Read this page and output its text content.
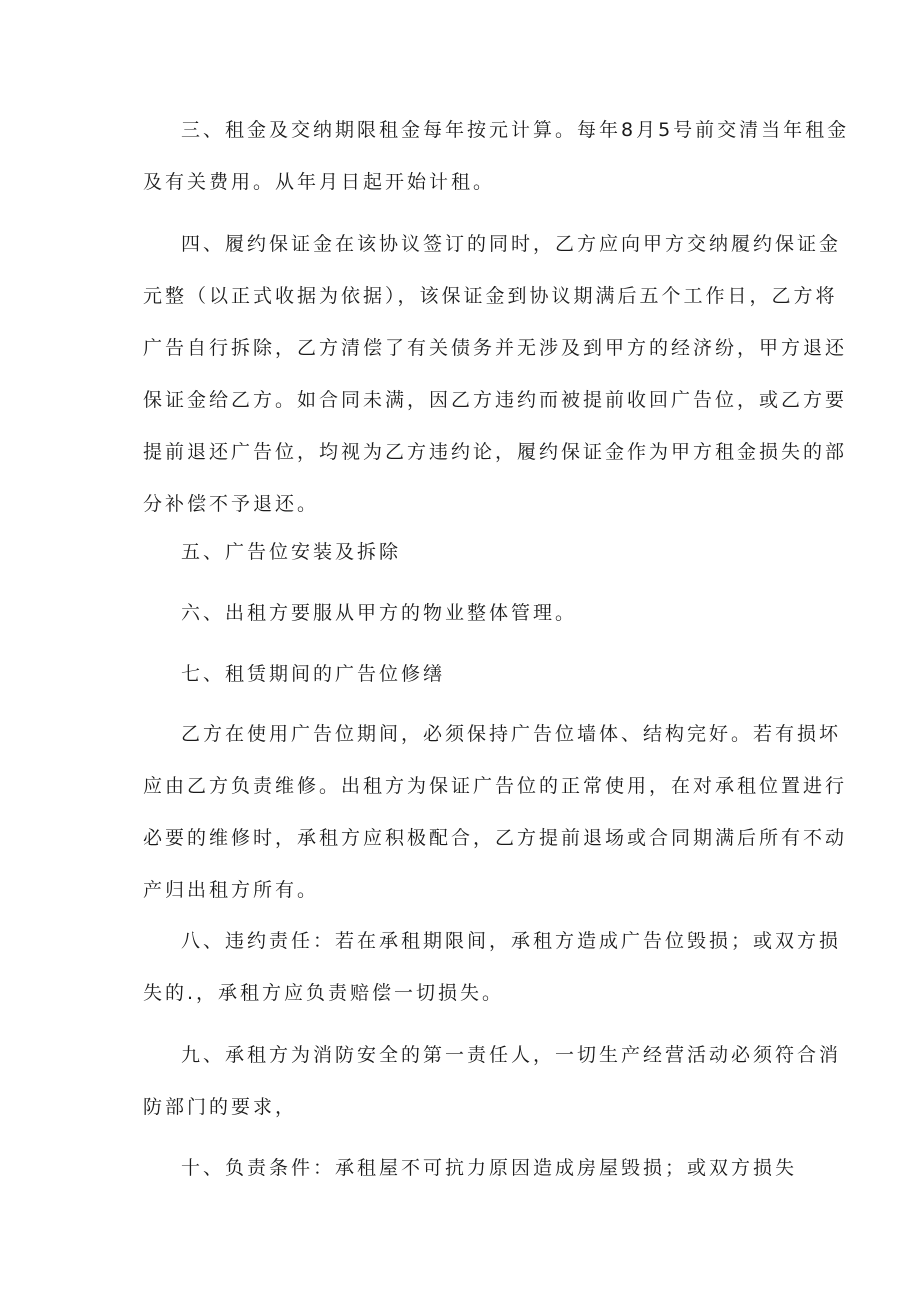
三、租金及交纳期限租金每年按元计算。每年8月5号前交清当年租金
及有关费用。从年月日起开始计租。
四、履约保证金在该协议签订的同时，乙方应向甲方交纳履约保证金
元整（以正式收据为依据），该保证金到协议期满后五个工作日，乙方将
广告自行拆除，乙方清偿了有关债务并无涉及到甲方的经济纷，甲方退还
保证金给乙方。如合同未满，因乙方违约而被提前收回广告位，或乙方要
提前退还广告位，均视为乙方违约论，履约保证金作为甲方租金损失的部
分补偿不予退还。
五、广告位安装及拆除
六、出租方要服从甲方的物业整体管理。
七、租赁期间的广告位修缮
乙方在使用广告位期间，必须保持广告位墙体、结构完好。若有损坏
应由乙方负责维修。出租方为保证广告位的正常使用，在对承租位置进行
必要的维修时，承租方应积极配合，乙方提前退场或合同期满后所有不动
产归出租方所有。
八、违约责任：若在承租期限间，承租方造成广告位毁损；或双方损
失的.，承租方应负责赔偿一切损失。
九、承租方为消防安全的第一责任人，一切生产经营活动必须符合消
防部门的要求，
十、负责条件：承租屋不可抗力原因造成房屋毁损；或双方损失
